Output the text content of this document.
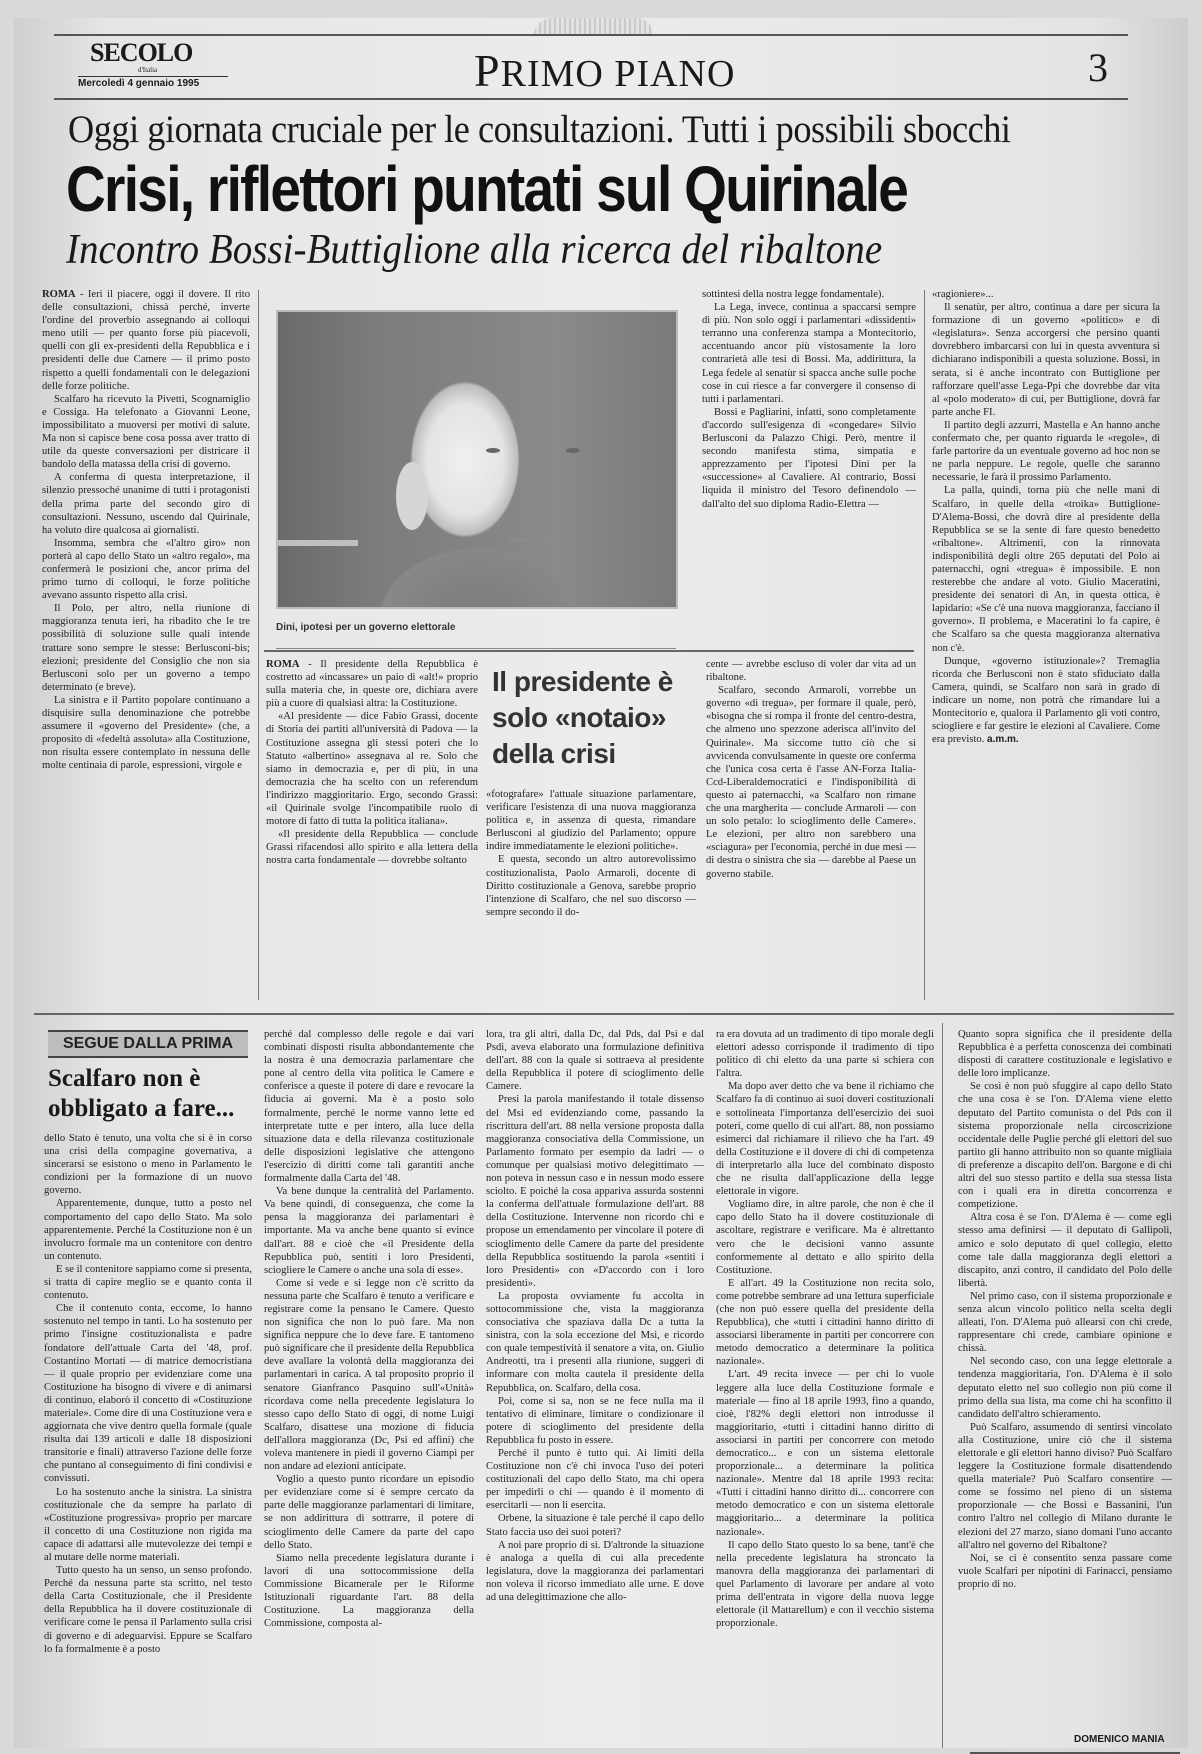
SECOLO
d'Italia
Mercoledì 4 gennaio 1995	PRIMO PIANO	3
Oggi giornata cruciale per le consultazioni. Tutti i possibili sbocchi
Crisi, riflettori puntati sul Quirinale
Incontro Bossi-Buttiglione alla ricerca del ribaltone

ROMA - Ieri il piacere, oggi il dovere. Il rito delle consultazioni, chissà perché, inverte l'ordine del proverbio assegnando ai colloqui meno utili — per quanto forse più piacevoli, quelli con gli ex-presidenti della Repubblica e i presidenti delle due Camere — il primo posto rispetto a quelli fondamentali con le delegazioni delle forze politiche.

Scalfaro ha ricevuto la Pivetti, Scognamiglio e Cossiga. Ha telefonato a Giovanni Leone, impossibilitato a muoversi per motivi di salute. Ma non si capisce bene cosa possa aver tratto di utile da queste conversazioni per districare il bandolo della matassa della crisi di governo.

A conferma di questa interpretazione, il silenzio pressoché unanime di tutti i protagonisti della prima parte del secondo giro di consultazioni. Nessuno, uscendo dal Quirinale, ha voluto dire qualcosa ai giornalisti.

Insomma, sembra che «l'altro giro» non porterà al capo dello Stato un «altro regalo», ma confermerà le posizioni che, ancor prima del primo turno di colloqui, le forze politiche avevano assunto rispetto alla crisi.

Il Polo, per altro, nella riunione di maggioranza tenuta ieri, ha ribadito che le tre possibilità di soluzione sulle quali intende trattare sono sempre le stesse: Berlusconi-bis; elezioni; presidente del Consiglio che non sia Berlusconi solo per un governo a tempo determinato (e breve).

La sinistra e il Partito popolare continuano a disquisire sulla denominazione che potrebbe assumere il «governo del Presidente» (che, a proposito di «fedeltà assoluta» alla Costituzione, non risulta essere contemplato in nessuna delle molte centinaia di parole, espressioni, virgole e

Dini, ipotesi per un governo elettorale

sottintesi della nostra legge fondamentale).

La Lega, invece, continua a spaccarsi sempre di più. Non solo oggi i parlamentari «dissidenti» terranno una conferenza stampa a Montecitorio, accentuando ancor più vistosamente la loro contrarietà alle tesi di Bossi. Ma, addirittura, la Lega fedele al senatùr si spacca anche sulle poche cose in cui riesce a far convergere il consenso di tutti i parlamentari.

Bossi e Pagliarini, infatti, sono completamente d'accordo sull'esigenza di «congedare» Silvio Berlusconi da Palazzo Chigi. Però, mentre il secondo manifesta stima, simpatia e apprezzamento per l'ipotesi Dini per la «successione» al Cavaliere. Al contrario, Bossi liquida il ministro del Tesoro definendolo — dall'alto del suo diploma Radio-Elettra —

«ragioniere»...

Il senatùr, per altro, continua a dare per sicura la formazione di un governo «politico» e di «legislatura». Senza accorgersi che persino quanti dovrebbero imbarcarsi con lui in questa avventura si dichiarano indisponibili a questa soluzione. Bossi, in serata, si è anche incontrato con Buttiglione per rafforzare quell'asse Lega-Ppi che dovrebbe dar vita al «polo moderato» di cui, per Buttiglione, dovrà far parte anche FI.

Il partito degli azzurri, Mastella e An hanno anche confermato che, per quanto riguarda le «regole», di farle partorire da un eventuale governo ad hoc non se ne parla neppure. Le regole, quelle che saranno necessarie, le farà il prossimo Parlamento.

La palla, quindi, torna più che nelle mani di Scalfaro, in quelle della «troika» Buttiglione-D'Alema-Bossi, che dovrà dire al presidente della Repubblica se se la sente di fare questo benedetto «ribaltone». Altrimenti, con la rinnovata indisponibilità degli oltre 265 deputati del Polo ai paternacchi, ogni «tregua» è impossibile. E non resterebbe che andare al voto. Giulio Maceratini, presidente dei senatori di An, in questa ottica, è lapidario: «Se c'è una nuova maggioranza, facciano il governo». Il problema, e Maceratini lo fa capire, è che Scalfaro sa che questa maggioranza alternativa non c'è.

Dunque, «governo istituzionale»? Tremaglia ricorda che Berlusconi non è stato sfiduciato dalla Camera, quindi, se Scalfaro non sarà in grado di indicare un nome, non potrà che rimandare lui a Montecitorio e, qualora il Parlamento gli voti contro, sciogliere e far gestire le elezioni al Cavaliere. Come era previsto. a.m.m.

ROMA - Il presidente della Repubblica è costretto ad «incassare» un paio di «alt!» proprio sulla materia che, in queste ore, dichiara avere più a cuore di qualsiasi altra: la Costituzione.

«Al presidente — dice Fabio Grassi, docente di Storia dei partiti all'università di Padova — la Costituzione assegna gli stessi poteri che lo Statuto «albertino» assegnava al re. Solo che siamo in democrazia e, per di più, in una democrazia che ha scelto con un referendum l'indirizzo maggioritario. Ergo, secondo Grassi: «il Quirinale svolge l'incompatibile ruolo di motore di fatto di tutta la politica italiana».

«Il presidente della Repubblica — conclude Grassi rifacendosi allo spirito e alla lettera della nostra carta fondamentale — dovrebbe soltanto

Il presidente è solo «notaio» della crisi

«fotografare» l'attuale situazione parlamentare, verificare l'esistenza di una nuova maggioranza politica e, in assenza di questa, rimandare Berlusconi al giudizio del Parlamento; oppure indire immediatamente le elezioni politiche».

E questa, secondo un altro autorevolissimo costituzionalista, Paolo Armaroli, docente di Diritto costituzionale a Genova, sarebbe proprio l'intenzione di Scalfaro, che nel suo discorso — sempre secondo il do-

cente — avrebbe escluso di voler dar vita ad un ribaltone.

Scalfaro, secondo Armaroli, vorrebbe un governo «di tregua», per formare il quale, però, «bisogna che si rompa il fronte del centro-destra, che almeno uno spezzone aderisca all'invito del Quirinale». Ma siccome tutto ciò che si avvicenda convulsamente in queste ore conferma che l'unica cosa certa è l'asse AN-Forza Italia-Ccd-Liberaldemocratici e l'indisponibilità di questo ai paternacchi, «a Scalfaro non rimane che una margherita — conclude Armaroli — con un solo petalo: lo scioglimento delle Camere». Le elezioni, per altro non sarebbero una «sciagura» per l'economia, perché in due mesi — di destra o sinistra che sia — darebbe al Paese un governo stabile.

SEGUE DALLA PRIMA
Scalfaro non è obbligato a fare...

dello Stato è tenuto, una volta che si è in corso una crisi della compagine governativa, a sincerarsi se esistono o meno in Parlamento le condizioni per la formazione di un nuovo governo.

Apparentemente, dunque, tutto a posto nel comportamento del capo dello Stato. Ma solo apparentemente. Perché la Costituzione non è un involucro formale ma un contenitore con dentro un contenuto.

E se il contenitore sappiamo come si presenta, si tratta di capire meglio se e quanto conta il contenuto.

Che il contenuto conta, eccome, lo hanno sostenuto nel tempo in tanti. Lo ha sostenuto per primo l'insigne costituzionalista e padre fondatore dell'attuale Carta del '48, prof. Costantino Mortati — di matrice democristiana — il quale proprio per evidenziare come una Costituzione ha bisogno di vivere e di animarsi di continuo, elaborò il concetto di «Costituzione materiale». Come dire di una Costituzione vera e aggiornata che vive dentro quella formale (quale risulta dai 139 articoli e dalle 18 disposizioni transitorie e finali) attraverso l'azione delle forze che puntano al conseguimento di fini condivisi e convissuti.

Lo ha sostenuto anche la sinistra. La sinistra costituzionale che da sempre ha parlato di «Costituzione progressiva» proprio per marcare il concetto di una Costituzione non rigida ma capace di adattarsi alle mutevolezze dei tempi e al mutare delle norme materiali.

Tutto questo ha un senso, un senso profondo. Perché da nessuna parte sta scritto, nel testo della Carta Costituzionale, che il Presidente della Repubblica ha il dovere costituzionale di verificare come le pensa il Parlamento sulla crisi di governo e di adeguarvisi. Eppure se Scalfaro lo fa formalmente è a posto

perché dal complesso delle regole e dai vari combinati disposti risulta abbondantemente che la nostra è una democrazia parlamentare che pone al centro della vita politica le Camere e conferisce a queste il potere di dare e revocare la fiducia ai governi. Ma è a posto solo formalmente, perché le norme vanno lette ed interpretate tutte e per intero, alla luce della situazione data e della rilevanza costituzionale delle disposizioni legislative che attengono l'esercizio di diritti come tali garantiti anche formalmente dalla Carta del '48.

Va bene dunque la centralità del Parlamento. Va bene quindi, di conseguenza, che come la pensa la maggioranza dei parlamentari è importante. Ma va anche bene quanto si evince dall'art. 88 e cioè che «il Presidente della Repubblica può, sentiti i loro Presidenti, sciogliere le Camere o anche una sola di esse».

Come si vede e si legge non c'è scritto da nessuna parte che Scalfaro è tenuto a verificare e registrare come la pensano le Camere. Questo non significa che non lo può fare. Ma non significa neppure che lo deve fare. E tantomeno può significare che il presidente della Repubblica deve avallare la volontà della maggioranza dei parlamentari in carica. A tal proposito proprio il senatore Gianfranco Pasquino sull'«Unità» ricordava come nella precedente legislatura lo stesso capo dello Stato di oggi, di nome Luigi Scalfaro, disattese una mozione di fiducia dell'allora maggioranza (Dc, Psi ed affini) che voleva mantenere in piedi il governo Ciampi per non andare ad elezioni anticipate.

Voglio a questo punto ricordare un episodio per evidenziare come si è sempre cercato da parte delle maggioranze parlamentari di limitare, se non addirittura di sottrarre, il potere di scioglimento delle Camere da parte del capo dello Stato.

Siamo nella precedente legislatura durante i lavori di una sottocommissione della Commissione Bicamerale per le Riforme Istituzionali riguardante l'art. 88 della Costituzione. La maggioranza della Commissione, composta al-

lora, tra gli altri, dalla Dc, dal Pds, dal Psi e dal Psdi, aveva elaborato una formulazione definitiva dell'art. 88 con la quale si sottraeva al presidente della Repubblica il potere di scioglimento delle Camere.

Presi la parola manifestando il totale dissenso del Msi ed evidenziando come, passando la riscrittura dell'art. 88 nella versione proposta dalla maggioranza consociativa della Commissione, un Parlamento formato per esempio da ladri — o comunque per qualsiasi motivo delegittimato — non poteva in nessun caso e in nessun modo essere sciolto. E poiché la cosa appariva assurda sostenni la conferma dell'attuale formulazione dell'art. 88 della Costituzione. Intervenne non ricordo chi e propose un emendamento per vincolare il potere di scioglimento delle Camere da parte del presidente della Repubblica sostituendo la parola «sentiti i loro Presidenti» con «D'accordo con i loro presidenti».

La proposta ovviamente fu accolta in sottocommissione che, vista la maggioranza consociativa che spaziava dalla Dc a tutta la sinistra, con la sola eccezione del Msi, e ricordo con quale tempestività il senatore a vita, on. Giulio Andreotti, tra i presenti alla riunione, suggerì di informare con molta cautela il presidente della Repubblica, on. Scalfaro, della cosa.

Poi, come si sa, non se ne fece nulla ma il tentativo di eliminare, limitare o condizionare il potere di scioglimento del presidente della Repubblica fu posto in essere.

Perché il punto è tutto qui. Ai limiti della Costituzione non c'è chi invoca l'uso dei poteri costituzionali del capo dello Stato, ma chi opera per impedirli o chi — quando è il momento di esercitarli — non li esercita.

Orbene, la situazione è tale perché il capo dello Stato faccia uso dei suoi poteri?

A noi pare proprio di sì. D'altronde la situazione è analoga a quella di cui alla precedente legislatura, dove la maggioranza dei parlamentari non voleva il ricorso immediato alle urne. E dove ad una delegittimazione che allo-

ra era dovuta ad un tradimento di tipo morale degli elettori adesso corrisponde il tradimento di tipo politico di chi eletto da una parte si schiera con l'altra.

Ma dopo aver detto che va bene il richiamo che Scalfaro fa di continuo ai suoi doveri costituzionali e sottolineata l'importanza dell'esercizio dei suoi poteri, come quello di cui all'art. 88, non possiamo esimerci dal richiamare il rilievo che ha l'art. 49 della Costituzione e il dovere di chi di competenza di interpretarlo alla luce del combinato disposto che ne risulta dall'applicazione della legge elettorale in vigore.

Vogliamo dire, in altre parole, che non è che il capo dello Stato ha il dovere costituzionale di ascoltare, registrare e verificare. Ma è altrettanto vero che le decisioni vanno assunte conformemente al dettato e allo spirito della Costituzione.

E all'art. 49 la Costituzione non recita solo, come potrebbe sembrare ad una lettura superficiale (che non può essere quella del presidente della Repubblica), che «tutti i cittadini hanno diritto di associarsi liberamente in partiti per concorrere con metodo democratico a determinare la politica nazionale».

L'art. 49 recita invece — per chi lo vuole leggere alla luce della Costituzione formale e materiale — fino al 18 aprile 1993, fino a quando, cioè, l'82% degli elettori non introdusse il maggioritario, «tutti i cittadini hanno diritto di associarsi in partiti per concorrere con metodo democratico... e con un sistema elettorale proporzionale... a determinare la politica nazionale». Mentre dal 18 aprile 1993 recita: «Tutti i cittadini hanno diritto di... concorrere con metodo democratico e con un sistema elettorale maggioritario... a determinare la politica nazionale».

Il capo dello Stato questo lo sa bene, tant'è che nella precedente legislatura ha stroncato la manovra della maggioranza dei parlamentari di quel Parlamento di lavorare per andare al voto prima dell'entrata in vigore della nuova legge elettorale (il Mattarellum) e con il vecchio sistema proporzionale.

Quanto sopra significa che il presidente della Repubblica è a perfetta conoscenza dei combinati disposti di carattere costituzionale e legislativo e delle loro implicanze.

Se così è non può sfuggire al capo dello Stato che una cosa è se l'on. D'Alema viene eletto deputato del Partito comunista o del Pds con il sistema proporzionale nella circoscrizione occidentale delle Puglie perché gli elettori del suo partito gli hanno attribuito non so quante migliaia di preferenze a discapito dell'on. Bargone e di chi altri del suo stesso partito e della sua stessa lista con i quali era in diretta concorrenza e competizione.

Altra cosa è se l'on. D'Alema è — come egli stesso ama definirsi — il deputato di Gallipoli, amico e solo deputato di quel collegio, eletto come tale dalla maggioranza degli elettori a discapito, anzi contro, il candidato del Polo delle libertà.

Nel primo caso, con il sistema proporzionale e senza alcun vincolo politico nella scelta degli alleati, l'on. D'Alema può allearsi con chi crede, rappresentare chi crede, cambiare opinione e chissà.

Nel secondo caso, con una legge elettorale a tendenza maggioritaria, l'on. D'Alema è il solo deputato eletto nel suo collegio non più come il primo della sua lista, ma come chi ha sconfitto il candidato dell'altro schieramento.

Può Scalfaro, assumendo di sentirsi vincolato alla Costituzione, unire ciò che il sistema elettorale e gli elettori hanno diviso? Può Scalfaro leggere la Costituzione formale disattendendo quella materiale? Può Scalfaro consentire — come se fossimo nel pieno di un sistema proporzionale — che Bossi e Bassanini, l'un contro l'altro nel collegio di Milano durante le elezioni del 27 marzo, siano domani l'uno accanto all'altro nel governo del Ribaltone?

Noi, se ci è consentito senza passare come vuole Scalfari per nipotini di Farinacci, pensiamo proprio di no.

DOMENICO MANIA
